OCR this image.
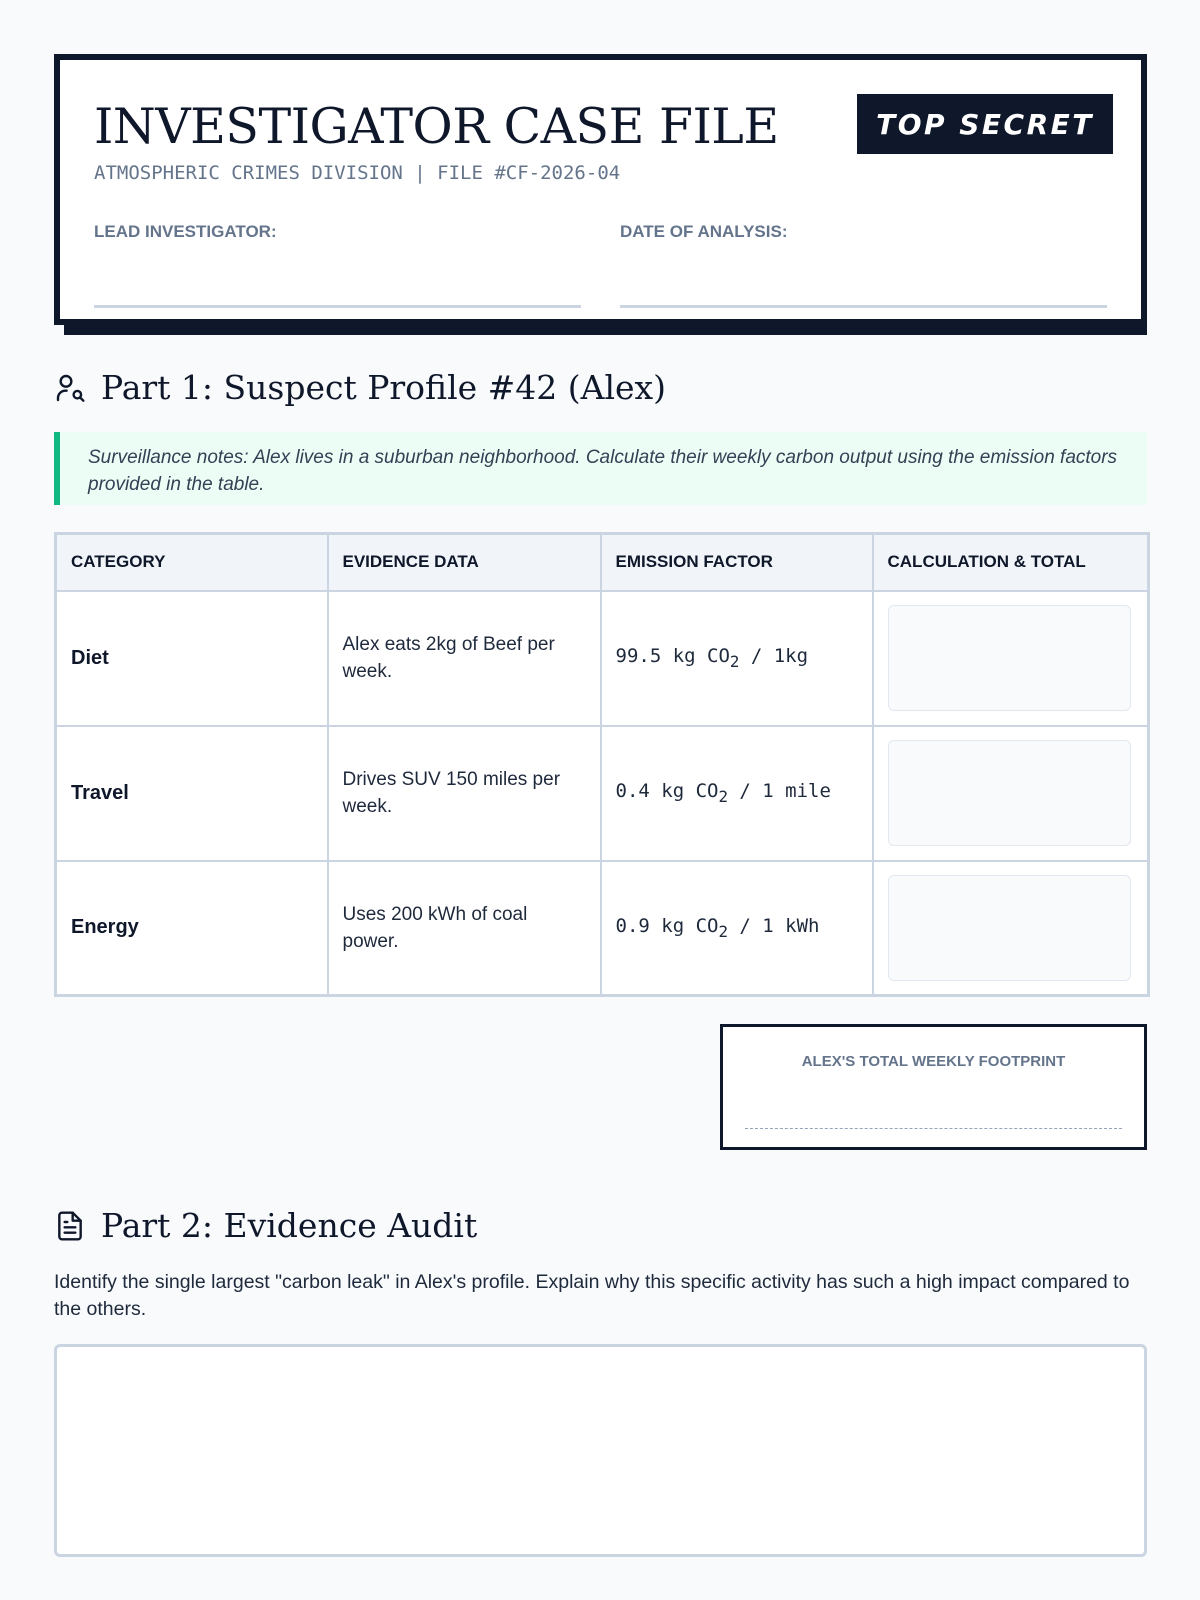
INVESTIGATOR CASE FILE
ATMOSPHERIC CRIMES DIVISION | FILE #CF-2026-04
TOP SECRET
LEAD INVESTIGATOR:	DATE OF ANALYSIS:
Part 1: Suspect Profile #42 (Alex)
Surveillance notes: Alex lives in a suburban neighborhood. Calculate their weekly carbon output using the emission factors provided in the table.
CATEGORY	EVIDENCE DATA	EMISSION FACTOR	CALCULATION & TOTAL
Diet	Alex eats 2kg of Beef per week.	99.5 kg $CO_2 / 1kg$	

Travel	Drives SUV 150 miles per week.	0.4 kg $CO_2 / 1$ mile	

Energy	Uses 200 kWh of coal power.	0.9 kg $CO_2 / 1$ kWh	
ALEX'S TOTAL WEEKLY FOOTPRINT
Part 2: Evidence Audit
Identify the single largest "carbon leak" in Alex's profile. Explain why this specific activity has such a high impact compared to the others.
